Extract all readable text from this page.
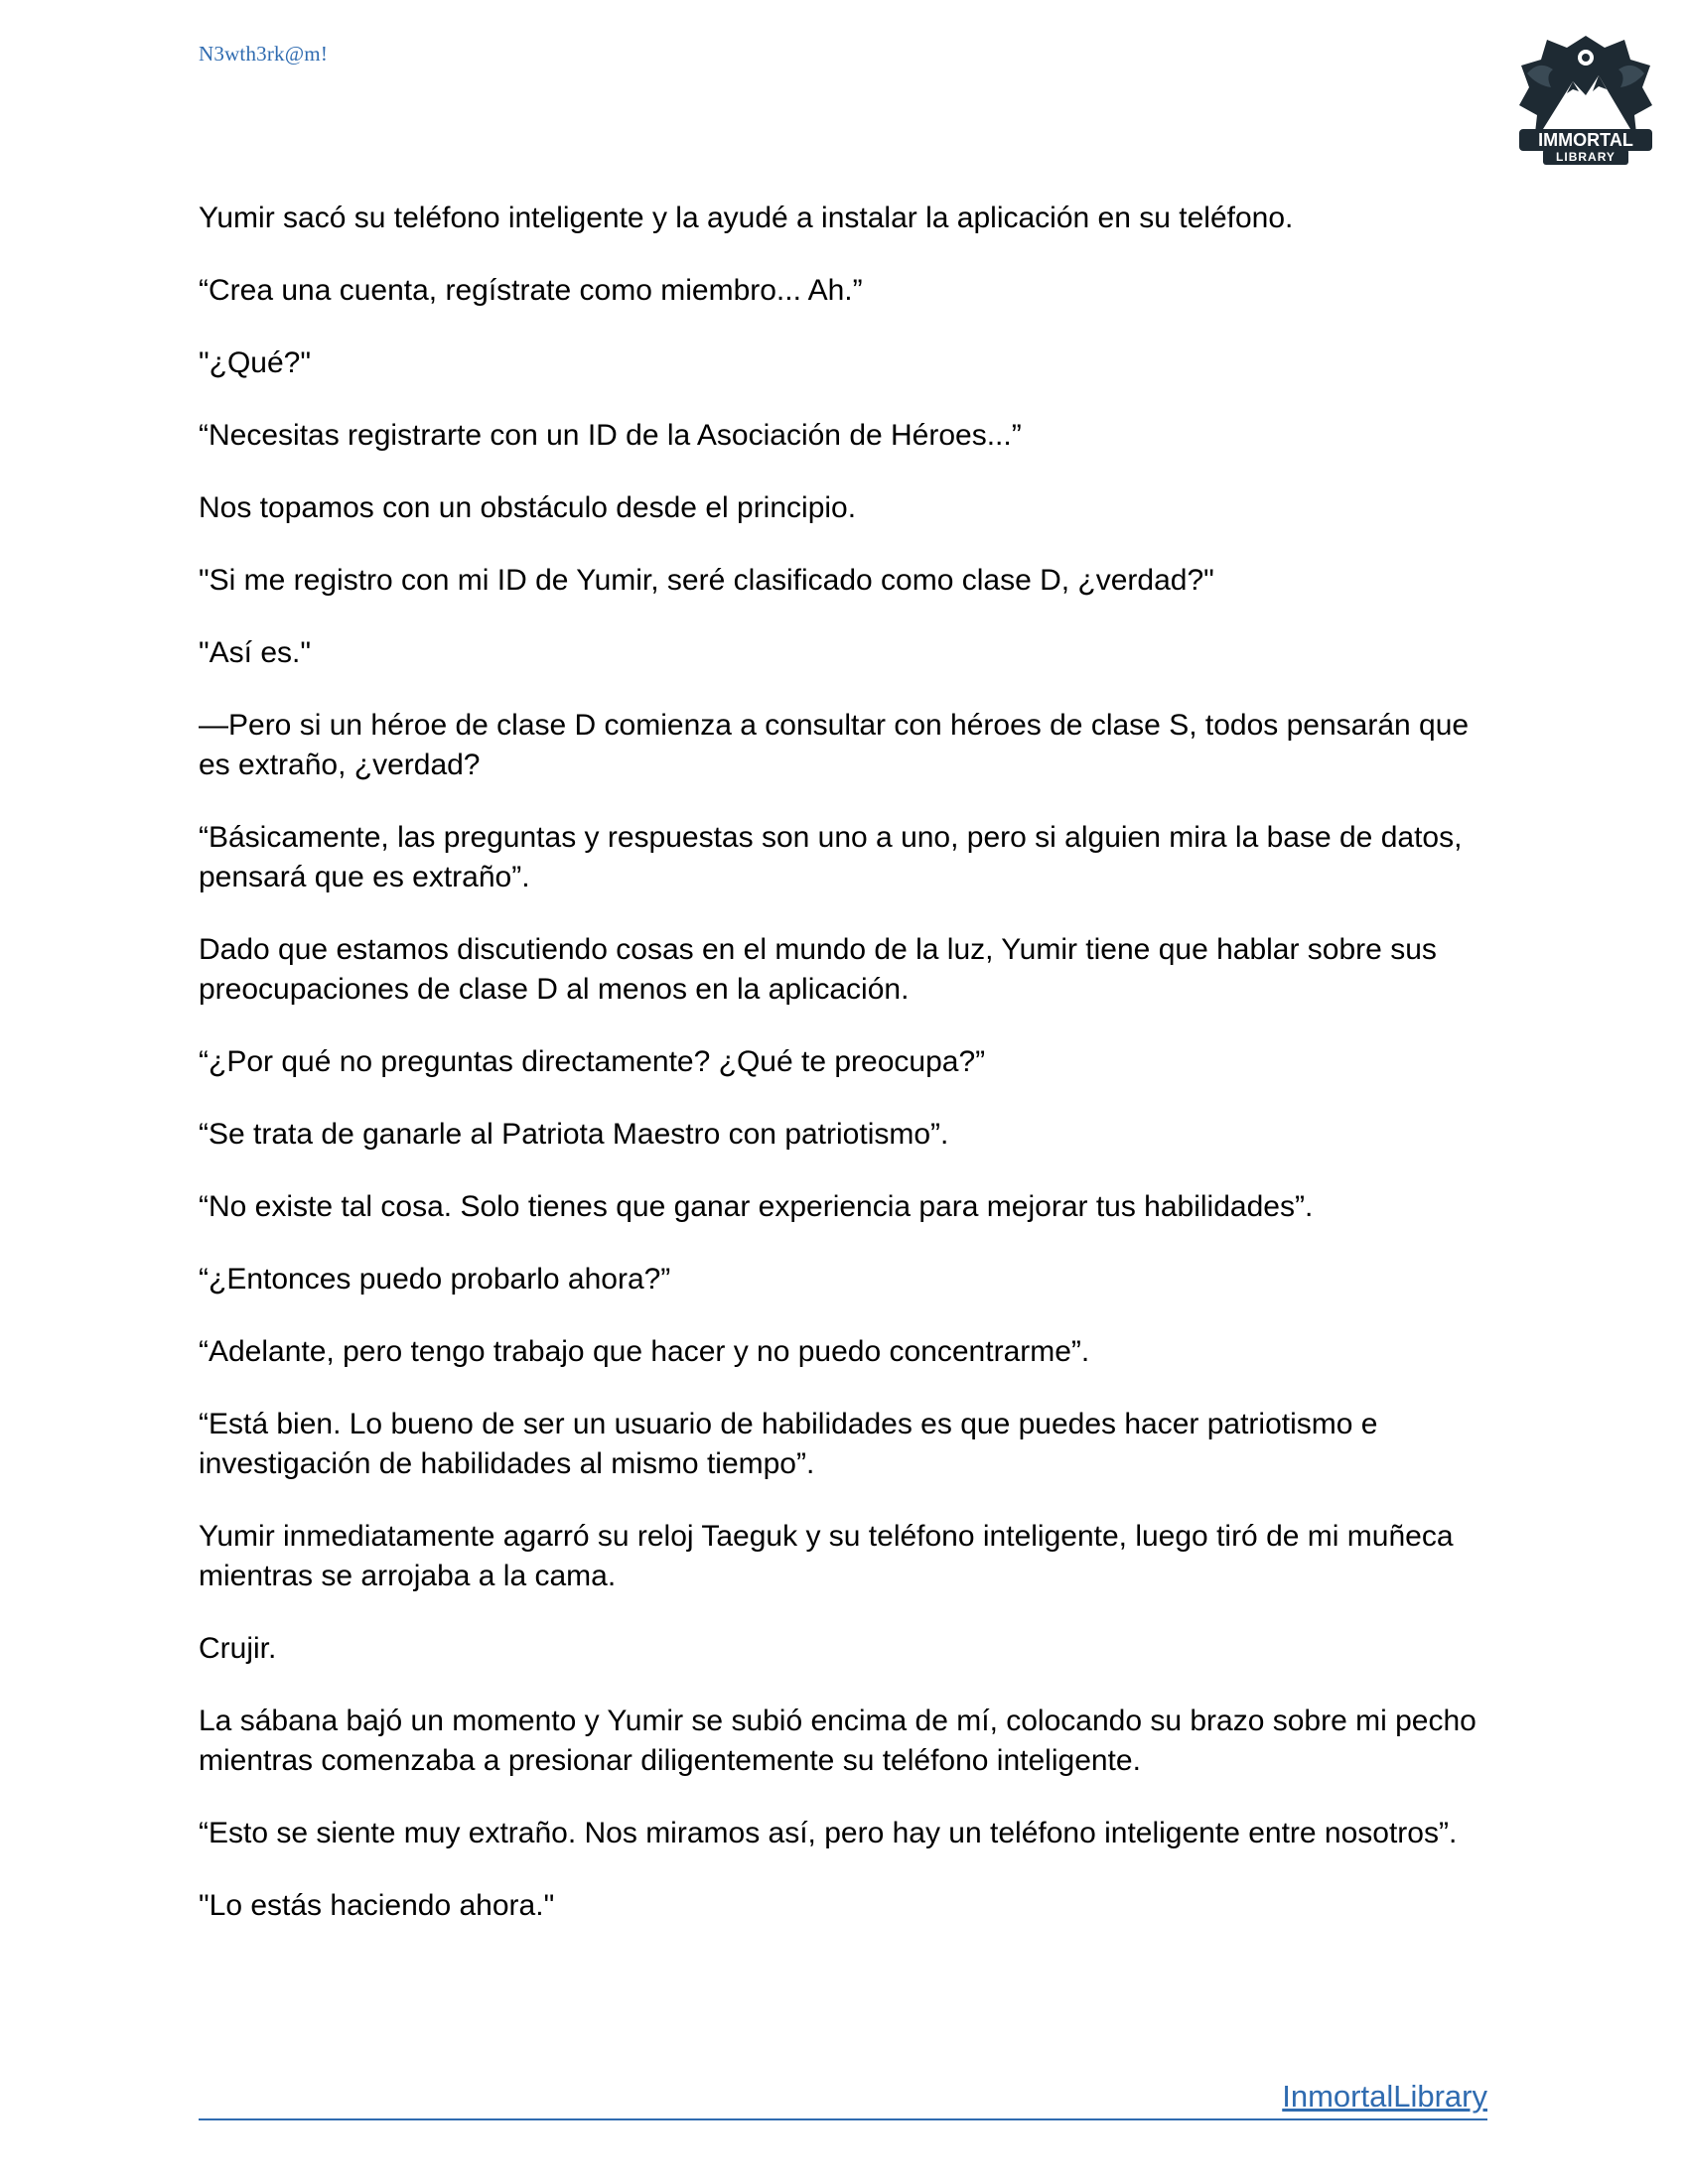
N3wth3rk@m!
IMMORTAL
LIBRARY

Yumir sacó su teléfono inteligente y la ayudé a instalar la aplicación en su teléfono.

“Crea una cuenta, regístrate como miembro... Ah.”

"¿Qué?"

“Necesitas registrarte con un ID de la Asociación de Héroes...”

Nos topamos con un obstáculo desde el principio.

"Si me registro con mi ID de Yumir, seré clasificado como clase D, ¿verdad?"

"Así es."

—Pero si un héroe de clase D comienza a consultar con héroes de clase S, todos pensarán que es extraño, ¿verdad?

“Básicamente, las preguntas y respuestas son uno a uno, pero si alguien mira la base de datos, pensará que es extraño”.

Dado que estamos discutiendo cosas en el mundo de la luz, Yumir tiene que hablar sobre sus preocupaciones de clase D al menos en la aplicación.

“¿Por qué no preguntas directamente? ¿Qué te preocupa?”

“Se trata de ganarle al Patriota Maestro con patriotismo”.

“No existe tal cosa. Solo tienes que ganar experiencia para mejorar tus habilidades”.

“¿Entonces puedo probarlo ahora?”

“Adelante, pero tengo trabajo que hacer y no puedo concentrarme”.

“Está bien. Lo bueno de ser un usuario de habilidades es que puedes hacer patriotismo e investigación de habilidades al mismo tiempo”.

Yumir inmediatamente agarró su reloj Taeguk y su teléfono inteligente, luego tiró de mi muñeca mientras se arrojaba a la cama.

Crujir.

La sábana bajó un momento y Yumir se subió encima de mí, colocando su brazo sobre mi pecho mientras comenzaba a presionar diligentemente su teléfono inteligente.

“Esto se siente muy extraño. Nos miramos así, pero hay un teléfono inteligente entre nosotros”.

"Lo estás haciendo ahora."

InmortalLibrary
